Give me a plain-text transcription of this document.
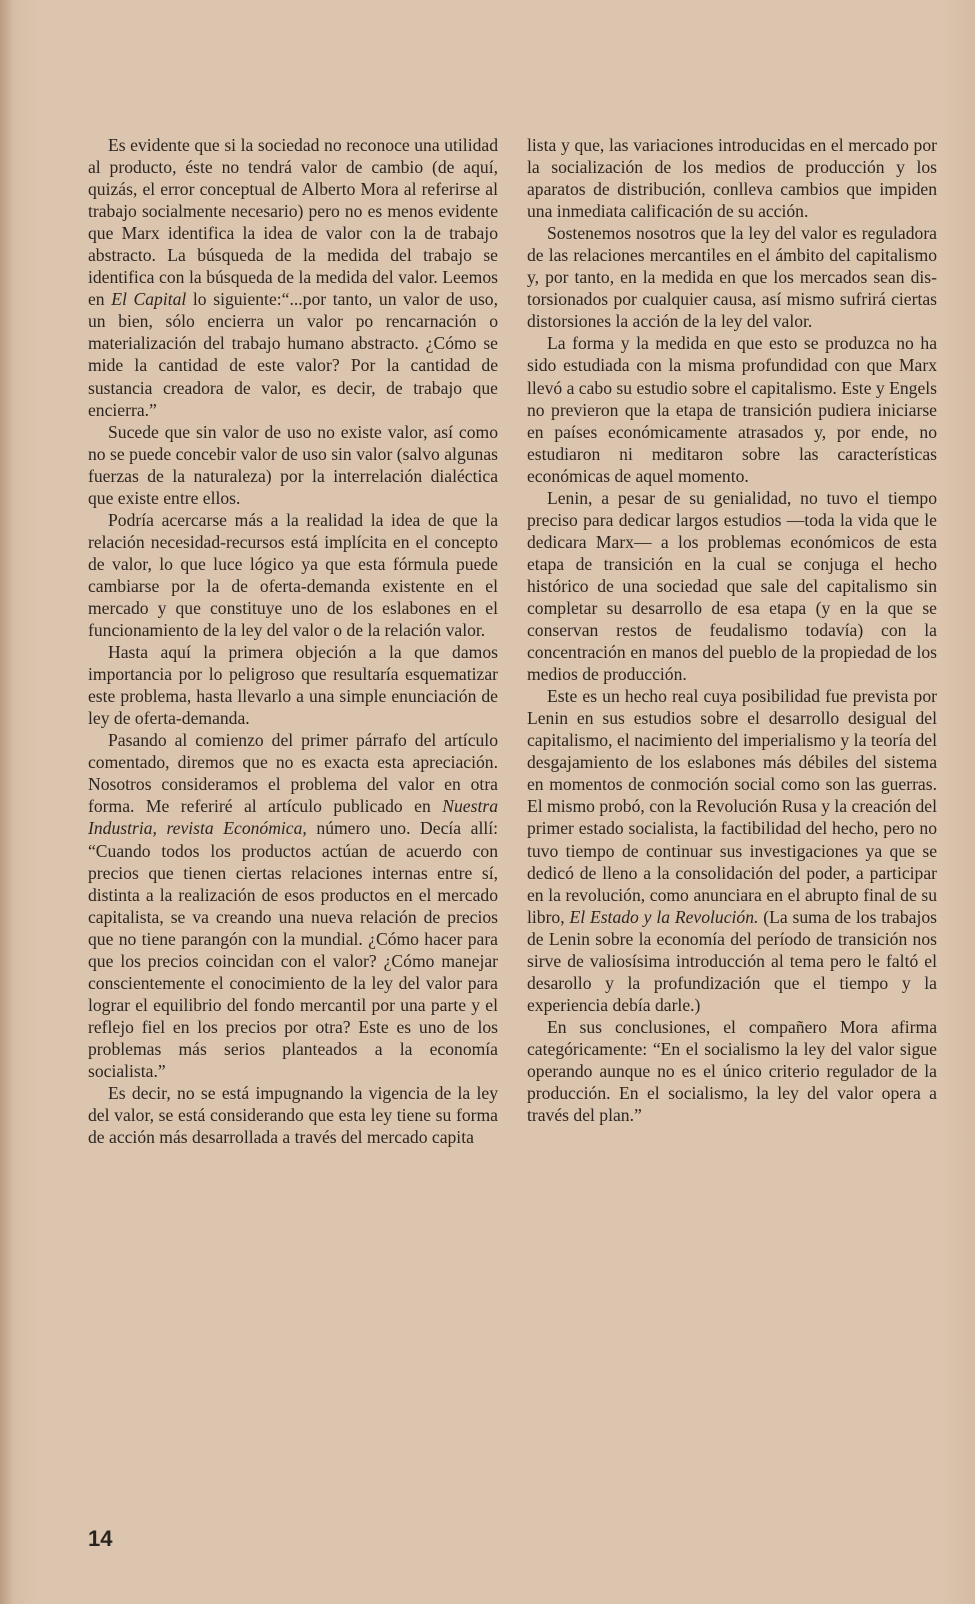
Es evidente que si la sociedad no reconoce una utilidad al producto, éste no tendrá valor de cambio (de aquí, quizás, el error conceptual de Alberto Mora al referirse al trabajo socialmente necesario) pero no es menos evidente que Marx identifica la idea de valor con la de trabajo abstracto. La búsqueda de la medida del trabajo se identifica con la búsqueda de la medida del valor. Leemos en El Capital lo siguiente:“...por tanto, un valor de uso, un bien, sólo encierra un valor po rencarnación o materialización del trabajo humano abstracto. ¿Cómo se mide la cantidad de este valor? Por la cantidad de sustancia creadora de valor, es decir, de trabajo que encierra.”

Sucede que sin valor de uso no existe valor, así como no se puede concebir valor de uso sin valor (salvo algunas fuerzas de la naturaleza) por la interrelación dialéctica que existe entre ellos.

Podría acercarse más a la realidad la idea de que la relación necesidad-recursos está implícita en el concepto de valor, lo que luce lógico ya que esta fórmula puede cambiarse por la de oferta-demanda existente en el mercado y que constituye uno de los eslabones en el funcionamiento de la ley del valor o de la relación valor.

Hasta aquí la primera objeción a la que damos importancia por lo peligroso que resultaría esquematizar este problema, hasta llevarlo a una simple enunciación de ley de oferta-demanda.

Pasando al comienzo del primer párrafo del artículo comentado, diremos que no es exacta esta apreciación. Nosotros consideramos el problema del valor en otra forma. Me referiré al artículo publicado en Nuestra Industria, revista Económica, número uno. Decía allí: “Cuando todos los productos actúan de acuerdo con precios que tienen ciertas relaciones internas entre sí, distinta a la realización de esos productos en el mercado capitalista, se va creando una nueva relación de precios que no tiene parangón con la mundial. ¿Cómo hacer para que los precios coincidan con el valor? ¿Cómo manejar conscientemente el conocimiento de la ley del valor para lograr el equilibrio del fondo mercantil por una parte y el reflejo fiel en los precios por otra? Este es uno de los problemas más serios planteados a la economía socialista.”

Es decir, no se está impugnando la vigencia de la ley del valor, se está considerando que esta ley tiene su forma de acción más desarrollada a través del mercado capita

lista y que, las variaciones introducidas en el mercado por la socialización de los medios de producción y los aparatos de distribución, conlleva cambios que impiden una inmediata calificación de su acción.

Sostenemos nosotros que la ley del valor es reguladora de las relaciones mercantiles en el ámbito del capitalismo y, por tanto, en la medida en que los mercados sean distorsionados por cualquier causa, así mismo sufrirá ciertas distorsiones la acción de la ley del valor.

La forma y la medida en que esto se produzca no ha sido estudiada con la misma profundidad con que Marx llevó a cabo su estudio sobre el capitalismo. Este y Engels no previeron que la etapa de transición pudiera iniciarse en países económicamente atrasados y, por ende, no estudiaron ni meditaron sobre las características económicas de aquel momento.

Lenin, a pesar de su genialidad, no tuvo el tiempo preciso para dedicar largos estudios —toda la vida que le dedicara Marx— a los problemas económicos de esta etapa de transición en la cual se conjuga el hecho histórico de una sociedad que sale del capitalismo sin completar su desarrollo de esa etapa (y en la que se conservan restos de feudalismo todavía) con la concentración en manos del pueblo de la propiedad de los medios de producción.

Este es un hecho real cuya posibilidad fue prevista por Lenin en sus estudios sobre el desarrollo desigual del capitalismo, el nacimiento del imperialismo y la teoría del desgajamiento de los eslabones más débiles del sistema en momentos de conmoción social como son las guerras. El mismo probó, con la Revolución Rusa y la creación del primer estado socialista, la factibilidad del hecho, pero no tuvo tiempo de continuar sus investigaciones ya que se dedicó de lleno a la consolidación del poder, a participar en la revolución, como anunciara en el abrupto final de su libro, El Estado y la Revolución. (La suma de los trabajos de Lenin sobre la economía del período de transición nos sirve de valiosísima introducción al tema pero le faltó el desarollo y la profundización que el tiempo y la experiencia debía darle.)

En sus conclusiones, el compañero Mora afirma categóricamente: “En el socialismo la ley del valor sigue operando aunque no es el único criterio regulador de la producción. En el socialismo, la ley del valor opera a través del plan.”

14
